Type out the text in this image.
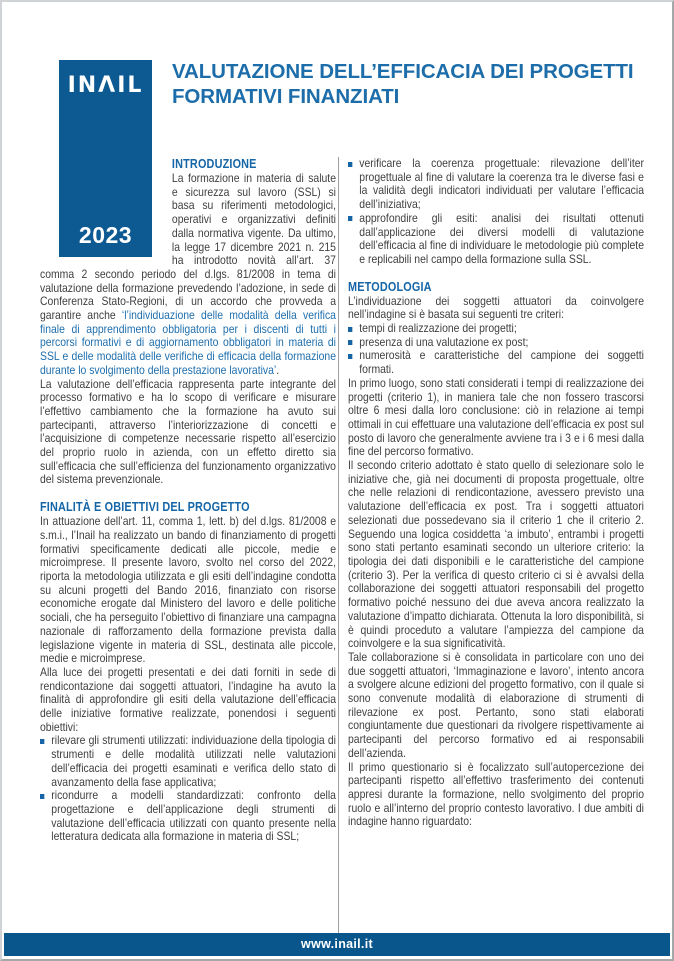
INΛIL
2023
VALUTAZIONE DELL’EFFICACIA DEI PROGETTI FORMATIVI FINANZIATI
INTRODUZIONE

La formazione in materia di salute e sicurezza sul lavoro (SSL) si basa su riferimenti metodologici, operativi e organizzativi definiti dalla normativa vigente. Da ultimo, la legge 17 dicembre 2021 n. 215 ha introdotto novità all’art. 37 comma 2 secondo periodo del d.lgs. 81/2008 in tema di valutazione della formazione prevedendo l’adozione, in sede di Conferenza Stato-Regioni, di un accordo che provveda a garantire anche ‘l’individuazione delle modalità della verifica finale di apprendimento obbligatoria per i discenti di tutti i percorsi formativi e di aggiornamento obbligatori in materia di SSL e delle modalità delle verifiche di efficacia della formazione durante lo svolgimento della prestazione lavorativa’.

La valutazione dell’efficacia rappresenta parte integrante del processo formativo e ha lo scopo di verificare e misurare l’effettivo cambiamento che la formazione ha avuto sui partecipanti, attraverso l’interiorizzazione di concetti e l’acquisizione di competenze necessarie rispetto all’esercizio del proprio ruolo in azienda, con un effetto diretto sia sull’efficacia che sull’efficienza del funzionamento organizzativo del sistema prevenzionale.

FINALITÀ E OBIETTIVI DEL PROGETTO

In attuazione dell’art. 11, comma 1, lett. b) del d.lgs. 81/2008 e s.m.i., l’Inail ha realizzato un bando di finanziamento di progetti formativi specificamente dedicati alle piccole, medie e microimprese. Il presente lavoro, svolto nel corso del 2022, riporta la metodologia utilizzata e gli esiti dell’indagine condotta su alcuni progetti del Bando 2016, finanziato con risorse economiche erogate dal Ministero del lavoro e delle politiche sociali, che ha perseguito l’obiettivo di finanziare una campagna nazionale di rafforzamento della formazione prevista dalla legislazione vigente in materia di SSL, destinata alle piccole, medie e microimprese.

Alla luce dei progetti presentati e dei dati forniti in sede di rendicontazione dai soggetti attuatori, l’indagine ha avuto la finalità di approfondire gli esiti della valutazione dell’efficacia delle iniziative formative realizzate, ponendosi i seguenti obiettivi:

rilevare gli strumenti utilizzati: individuazione della tipologia di strumenti e delle modalità utilizzati nelle valutazioni dell’efficacia dei progetti esaminati e verifica dello stato di avanzamento della fase applicativa;
ricondurre a modelli standardizzati: confronto della progettazione e dell’applicazione degli strumenti di valutazione dell’efficacia utilizzati con quanto presente nella letteratura dedicata alla formazione in materia di SSL;
verificare la coerenza progettuale: rilevazione dell’iter progettuale al fine di valutare la coerenza tra le diverse fasi e la validità degli indicatori individuati per valutare l’efficacia dell’iniziativa;
approfondire gli esiti: analisi dei risultati ottenuti dall’applicazione dei diversi modelli di valutazione dell’efficacia al fine di individuare le metodologie più complete e replicabili nel campo della formazione sulla SSL.
METODOLOGIA

L’individuazione dei soggetti attuatori da coinvolgere nell’indagine si è basata sui seguenti tre criteri:

tempi di realizzazione dei progetti;
presenza di una valutazione ex post;
numerosità e caratteristiche del campione dei soggetti formati.

In primo luogo, sono stati considerati i tempi di realizzazione dei progetti (criterio 1), in maniera tale che non fossero trascorsi oltre 6 mesi dalla loro conclusione: ciò in relazione ai tempi ottimali in cui effettuare una valutazione dell’efficacia ex post sul posto di lavoro che generalmente avviene tra i 3 e i 6 mesi dalla fine del percorso formativo.

Il secondo criterio adottato è stato quello di selezionare solo le iniziative che, già nei documenti di proposta progettuale, oltre che nelle relazioni di rendicontazione, avessero previsto una valutazione dell’efficacia ex post. Tra i soggetti attuatori selezionati due possedevano sia il criterio 1 che il criterio 2. Seguendo una logica cosiddetta ‘a imbuto’, entrambi i progetti sono stati pertanto esaminati secondo un ulteriore criterio: la tipologia dei dati disponibili e le caratteristiche del campione (criterio 3). Per la verifica di questo criterio ci si è avvalsi della collaborazione dei soggetti attuatori responsabili del progetto formativo poiché nessuno dei due aveva ancora realizzato la valutazione d’impatto dichiarata. Ottenuta la loro disponibilità, si è quindi proceduto a valutare l’ampiezza del campione da coinvolgere e la sua significatività.

Tale collaborazione si è consolidata in particolare con uno dei due soggetti attuatori, ‘Immaginazione e lavoro’, intento ancora a svolgere alcune edizioni del progetto formativo, con il quale si sono convenute modalità di elaborazione di strumenti di rilevazione ex post. Pertanto, sono stati elaborati congiuntamente due questionari da rivolgere rispettivamente ai partecipanti del percorso formativo ed ai responsabili dell’azienda.

Il primo questionario si è focalizzato sull’autopercezione dei partecipanti rispetto all’effettivo trasferimento dei contenuti appresi durante la formazione, nello svolgimento del proprio ruolo e all’interno del proprio contesto lavorativo. I due ambiti di indagine hanno riguardato:

www.inail.it
